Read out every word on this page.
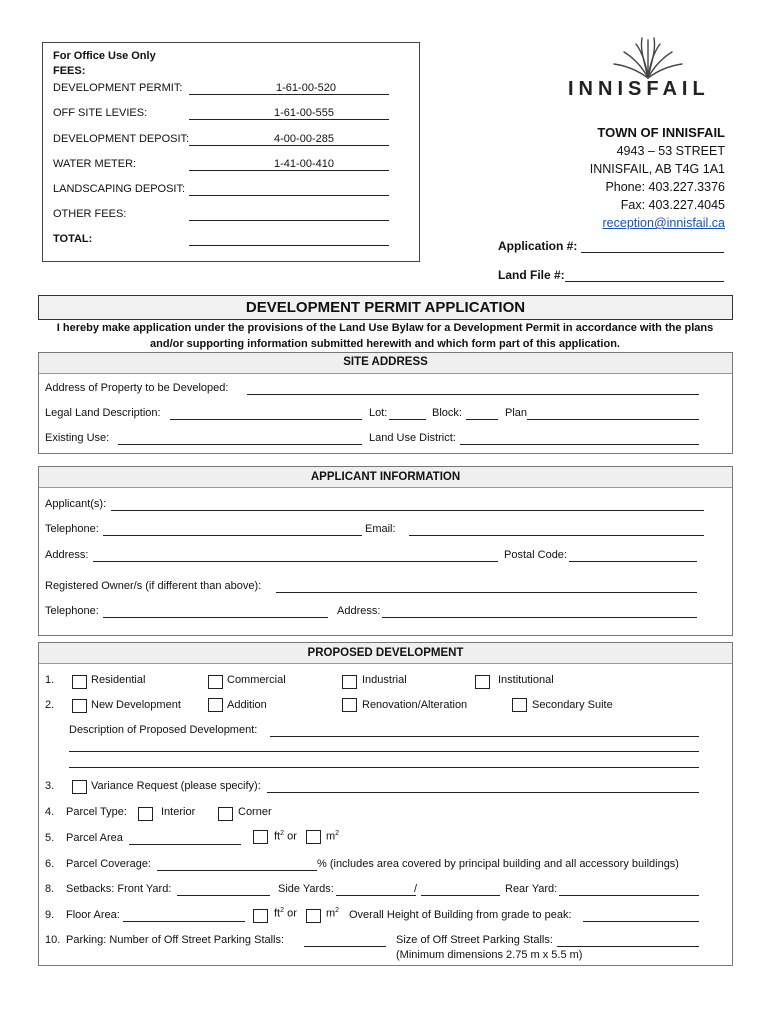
For Office Use Only
FEES:
DEVELOPMENT PERMIT:	1-61-00-520
OFF SITE LEVIES:	1-61-00-555
DEVELOPMENT DEPOSIT:	4-00-00-285
WATER METER:	1-41-00-410
LANDSCAPING DEPOSIT:
OTHER FEES:
TOTAL:
INNISFAIL
TOWN OF INNISFAIL
4943 – 53 STREET
INNISFAIL, AB T4G 1A1
Phone: 403.227.3376
Fax: 403.227.4045
reception@innisfail.ca
Application #:
Land File #:
DEVELOPMENT PERMIT APPLICATION
I hereby make application under the provisions of the Land Use Bylaw for a Development Permit in accordance with the plans
and/or supporting information submitted herewith and which form part of this application.
SITE ADDRESS
Address of Property to be Developed:
Legal Land Description:	Lot:	Block:	Plan
Existing Use:	Land Use District:
APPLICANT INFORMATION
Applicant(s):
Telephone:	Email:
Address:	Postal Code:
Registered Owner/s (if different than above):
Telephone:	Address:
PROPOSED DEVELOPMENT
1.	Residential	Commercial	Industrial	Institutional
2.	New Development	Addition	Renovation/Alteration	Secondary Suite
Description of Proposed Development:
3.	Variance Request (please specify):
4. Parcel Type:	Interior	Corner
5. Parcel Area	$ft^2$ or	$m^2$
6. Parcel Coverage:	% (includes area covered by principal building and all accessory buildings)
8. Setbacks: Front Yard:	Side Yards:	/	Rear Yard:
9. Floor Area:	$ft^2$ or	$m^2$ Overall Height of Building from grade to peak:
10. Parking: Number of Off Street Parking Stalls:	Size of Off Street Parking Stalls:
(Minimum dimensions 2.75 m x 5.5 m)
